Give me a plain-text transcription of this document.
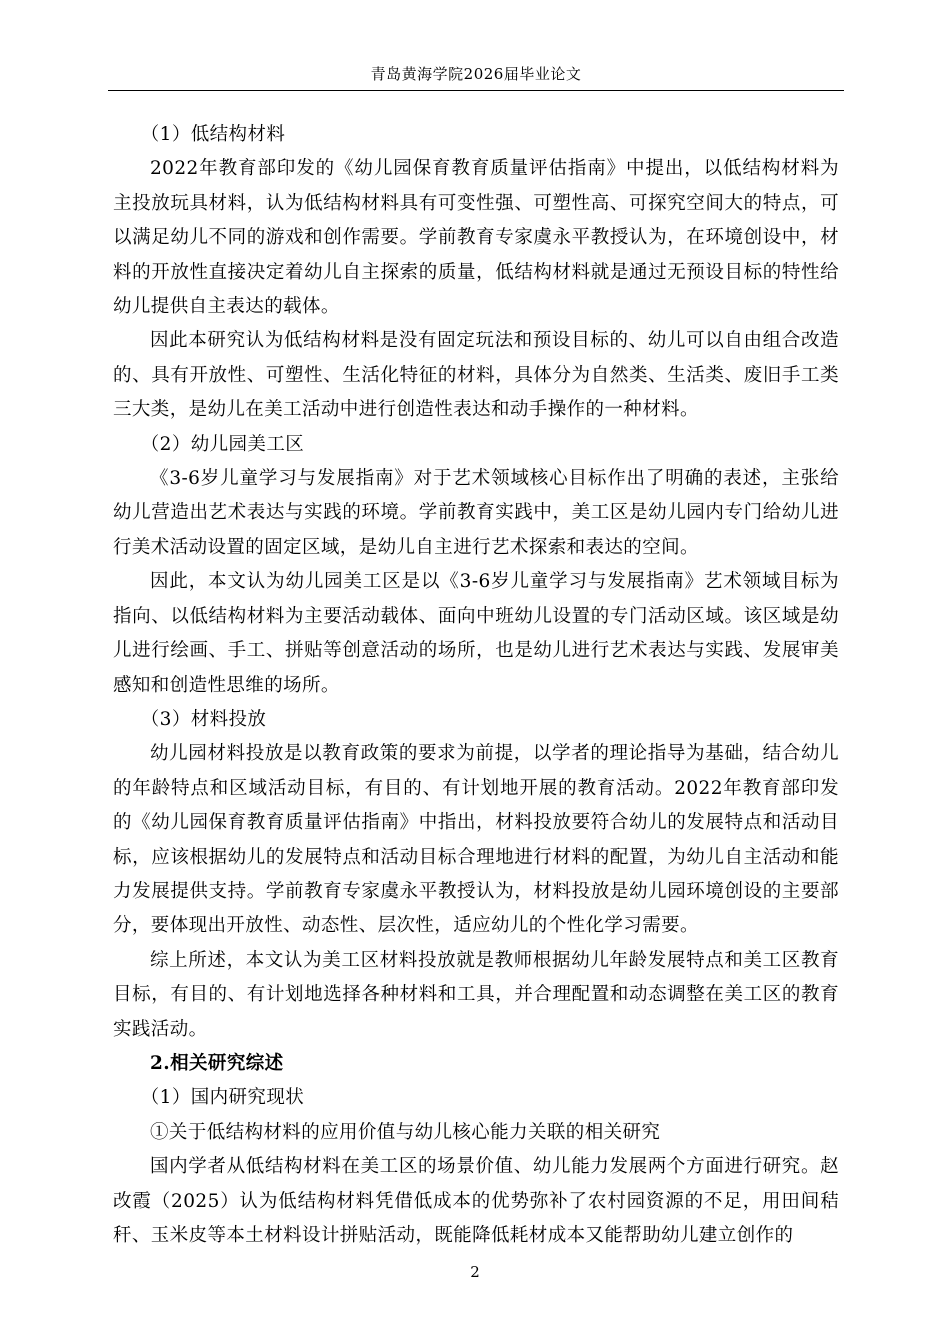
青岛黄海学院2026届毕业论文

（1）低结构材料

2022年教育部印发的《幼儿园保育教育质量评估指南》中提出，以低结构材料为主投放玩具材料，认为低结构材料具有可变性强、可塑性高、可探究空间大的特点，可以满足幼儿不同的游戏和创作需要。学前教育专家虞永平教授认为，在环境创设中，材料的开放性直接决定着幼儿自主探索的质量，低结构材料就是通过无预设目标的特性给幼儿提供自主表达的载体。

因此本研究认为低结构材料是没有固定玩法和预设目标的、幼儿可以自由组合改造的、具有开放性、可塑性、生活化特征的材料，具体分为自然类、生活类、废旧手工类三大类，是幼儿在美工活动中进行创造性表达和动手操作的一种材料。

（2）幼儿园美工区

《3-6岁儿童学习与发展指南》对于艺术领域核心目标作出了明确的表述，主张给幼儿营造出艺术表达与实践的环境。学前教育实践中，美工区是幼儿园内专门给幼儿进行美术活动设置的固定区域，是幼儿自主进行艺术探索和表达的空间。

因此，本文认为幼儿园美工区是以《3-6岁儿童学习与发展指南》艺术领域目标为指向、以低结构材料为主要活动载体、面向中班幼儿设置的专门活动区域。该区域是幼儿进行绘画、手工、拼贴等创意活动的场所，也是幼儿进行艺术表达与实践、发展审美感知和创造性思维的场所。

（3）材料投放

幼儿园材料投放是以教育政策的要求为前提，以学者的理论指导为基础，结合幼儿的年龄特点和区域活动目标，有目的、有计划地开展的教育活动。2022年教育部印发的《幼儿园保育教育质量评估指南》中指出，材料投放要符合幼儿的发展特点和活动目标，应该根据幼儿的发展特点和活动目标合理地进行材料的配置，为幼儿自主活动和能力发展提供支持。学前教育专家虞永平教授认为，材料投放是幼儿园环境创设的主要部分，要体现出开放性、动态性、层次性，适应幼儿的个性化学习需要。

综上所述，本文认为美工区材料投放就是教师根据幼儿年龄发展特点和美工区教育目标，有目的、有计划地选择各种材料和工具，并合理配置和动态调整在美工区的教育实践活动。

2.相关研究综述

（1）国内研究现状

①关于低结构材料的应用价值与幼儿核心能力关联的相关研究

国内学者从低结构材料在美工区的场景价值、幼儿能力发展两个方面进行研究。赵改霞（2025）认为低结构材料凭借低成本的优势弥补了农村园资源的不足，用田间秸秆、玉米皮等本土材料设计拼贴活动，既能降低耗材成本又能帮助幼儿建立创作的

2
